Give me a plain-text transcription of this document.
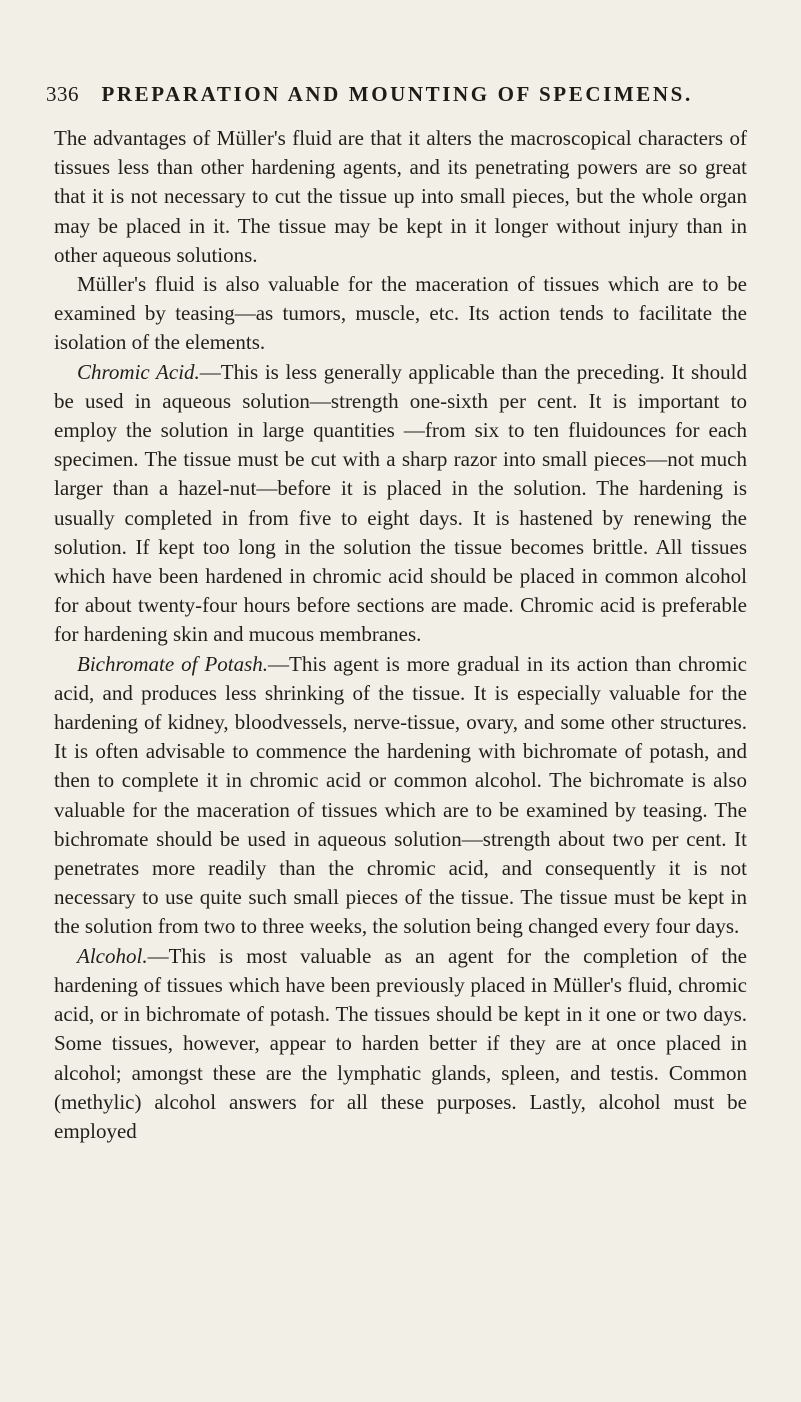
336 PREPARATION AND MOUNTING OF SPECIMENS.

The advantages of Müller's fluid are that it alters the macroscopical characters of tissues less than other hardening agents, and its penetrating powers are so great that it is not necessary to cut the tissue up into small pieces, but the whole organ may be placed in it. The tissue may be kept in it longer without injury than in other aqueous solutions.

Müller's fluid is also valuable for the maceration of tissues which are to be examined by teasing—as tumors, muscle, etc. Its action tends to facilitate the isolation of the elements.

Chromic Acid.—This is less generally applicable than the preceding. It should be used in aqueous solution—strength one-sixth per cent. It is important to employ the solution in large quantities —from six to ten fluidounces for each specimen. The tissue must be cut with a sharp razor into small pieces—not much larger than a hazel-nut—before it is placed in the solution. The hardening is usually completed in from five to eight days. It is hastened by renewing the solution. If kept too long in the solution the tissue becomes brittle. All tissues which have been hardened in chromic acid should be placed in common alcohol for about twenty-four hours before sections are made. Chromic acid is preferable for hardening skin and mucous membranes.

Bichromate of Potash.—This agent is more gradual in its action than chromic acid, and produces less shrinking of the tissue. It is especially valuable for the hardening of kidney, bloodvessels, nerve-tissue, ovary, and some other structures. It is often advisable to commence the hardening with bichromate of potash, and then to complete it in chromic acid or common alcohol. The bichromate is also valuable for the maceration of tissues which are to be examined by teasing. The bichromate should be used in aqueous solution—strength about two per cent. It penetrates more readily than the chromic acid, and consequently it is not necessary to use quite such small pieces of the tissue. The tissue must be kept in the solution from two to three weeks, the solution being changed every four days.

Alcohol.—This is most valuable as an agent for the completion of the hardening of tissues which have been previously placed in Müller's fluid, chromic acid, or in bichromate of potash. The tissues should be kept in it one or two days. Some tissues, however, appear to harden better if they are at once placed in alcohol; amongst these are the lymphatic glands, spleen, and testis. Common (methylic) alcohol answers for all these purposes. Lastly, alcohol must be employed
